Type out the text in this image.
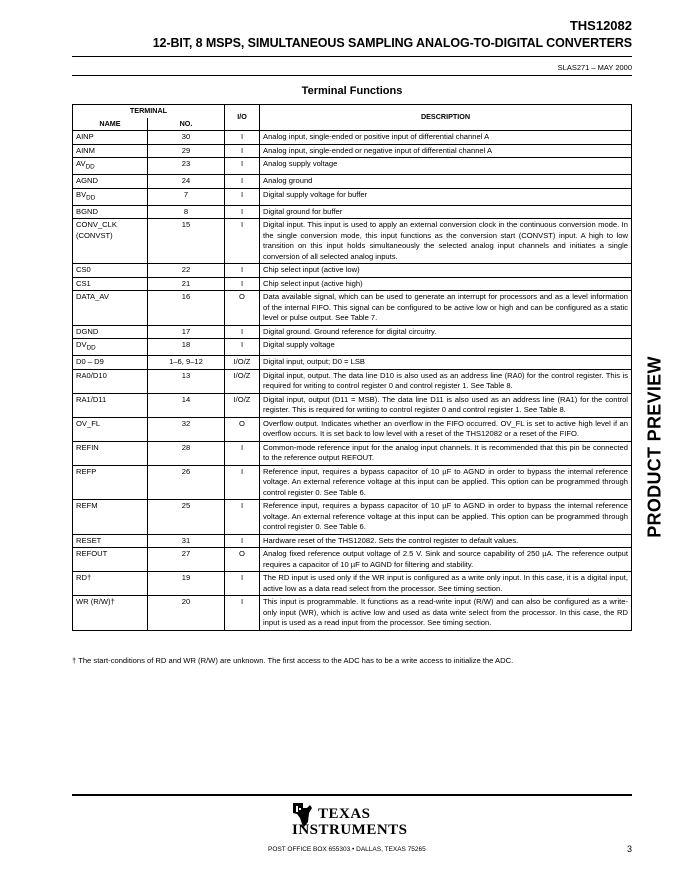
THS12082
12-BIT, 8 MSPS, SIMULTANEOUS SAMPLING ANALOG-TO-DIGITAL CONVERTERS
SLAS271 – MAY 2000
Terminal Functions
TERMINAL		I/O	DESCRIPTION
NAME	NO.		
AINP	30	I	Analog input, single-ended or positive input of differential channel A
AINM	29	I	Analog input, single-ended or negative input of differential channel A
$AV_{DD}$	23	I	Analog supply voltage
AGND	24	I	Analog ground
$BV_{DD}$	7	I	Digital supply voltage for buffer
BGND	8	I	Digital ground for buffer
CONV_CLK (CONVST)	15	I	Digital input. This input is used to apply an external conversion clock in the continuous conversion mode. In the single conversion mode, this input functions as the conversion start (CONVST) input. A high to low transition on this input holds simultaneously the selected analog input channels and initiates a single conversion of all selected analog inputs.
CS0	22	I	Chip select input (active low)
CS1	21	I	Chip select input (active high)
DATA_AV	16	O	Data available signal, which can be used to generate an interrupt for processors and as a level information of the internal FIFO. This signal can be configured to be active low or high and can be configured as a static level or pulse output. See Table 7.
DGND	17	I	Digital ground. Ground reference for digital circuitry.
$DV_{DD}$	18	I	Digital supply voltage
D0 – D9	1–6, 9–12	I/O/Z	Digital input, output; D0 = LSB
RA0/D10	13	I/O/Z	Digital input, output. The data line D10 is also used as an address line (RA0) for the control register. This is required for writing to control register 0 and control register 1. See Table 8.
RA1/D11	14	I/O/Z	Digital input, output (D11 = MSB). The data line D11 is also used as an address line (RA1) for the control register. This is required for writing to control register 0 and control register 1. See Table 8.
OV_FL	32	O	Overflow output. Indicates whether an overflow in the FIFO occurred. OV_FL is set to active high level if an overflow occurs. It is set back to low level with a reset of the THS12082 or a reset of the FIFO.
REFIN	28	I	Common-mode reference input for the analog input channels. It is recommended that this pin be connected to the reference output REFOUT.
REFP	26	I	Reference input, requires a bypass capacitor of 10 µF to AGND in order to bypass the internal reference voltage. An external reference voltage at this input can be applied. This option can be programmed through control register 0. See Table 6.
REFM	25	I	Reference input, requires a bypass capacitor of 10 µF to AGND in order to bypass the internal reference voltage. An external reference voltage at this input can be applied. This option can be programmed through control register 0. See Table 6.
RESET	31	I	Hardware reset of the THS12082. Sets the control register to default values.
REFOUT	27	O	Analog fixed reference output voltage of 2.5 V. Sink and source capability of 250 µA. The reference output requires a capacitor of 10 µF to AGND for filtering and stability.
RD†	19	I	The RD input is used only if the WR input is configured as a write only input. In this case, it is a digital input, active low as a data read select from the processor. See timing section.
WR (R/W)†	20	I	This input is programmable. It functions as a read-write input (R/W) and can also be configured as a write-only input (WR), which is active low and used as data write select from the processor. In this case, the RD input is used as a read input from the processor. See timing section.
† The start-conditions of RD and WR (R/W) are unknown. The first access to the ADC has to be a write access to initialize the ADC.
PRODUCT PREVIEW
TEXAS
INSTRUMENTS
POST OFFICE BOX 655303 • DALLAS, TEXAS 75265	3
